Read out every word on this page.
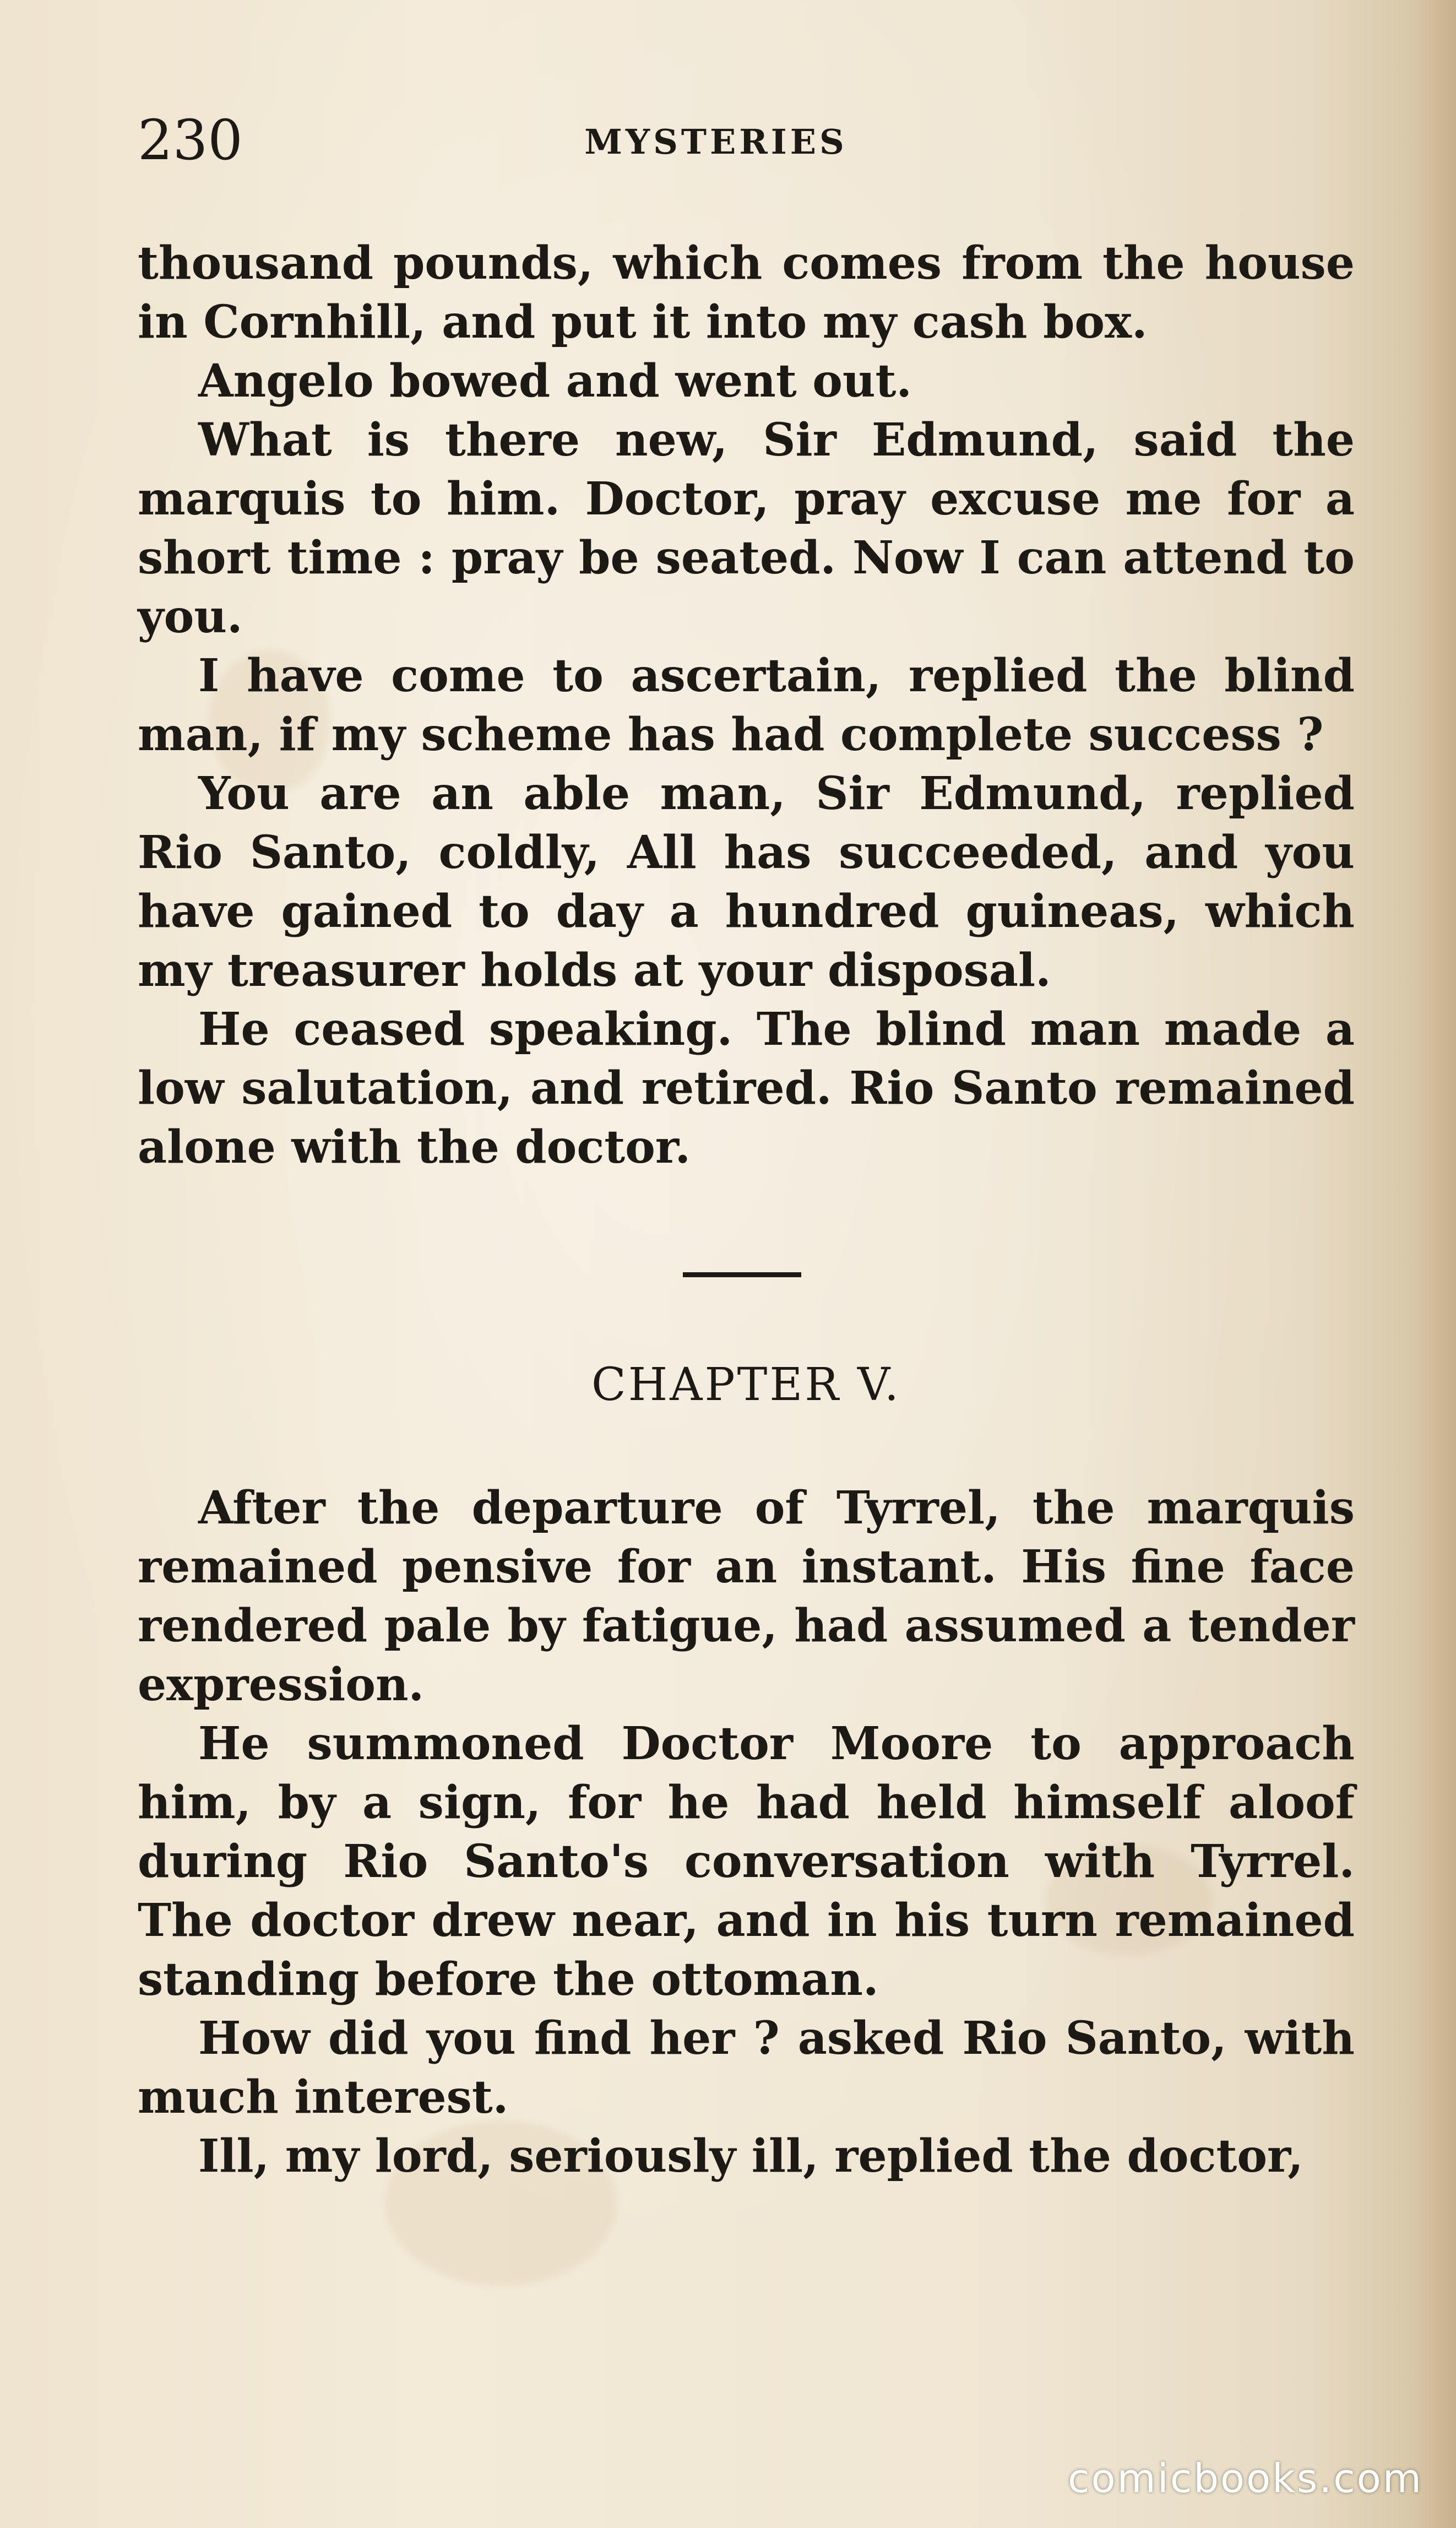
230	MYSTERIES

thousand pounds, which comes from the house in Cornhill, and put it into my cash box.

Angelo bowed and went out.

What is there new, Sir Edmund, said the marquis to him. Doctor, pray excuse me for a short time : pray be seated. Now I can attend to you.

I have come to ascertain, replied the blind man, if my scheme has had complete success ?

You are an able man, Sir Edmund, replied Rio Santo, coldly, All has succeeded, and you have gained to day a hundred guineas, which my treasurer holds at your disposal.

He ceased speaking. The blind man made a low salutation, and retired. Rio Santo remained alone with the doctor.

CHAPTER V.

After the departure of Tyrrel, the marquis remained pensive for an instant. His fine face rendered pale by fatigue, had assumed a tender expression.

He summoned Doctor Moore to approach him, by a sign, for he had held himself aloof during Rio Santo's conversation with Tyrrel. The doctor drew near, and in his turn remained standing before the ottoman.

How did you find her ? asked Rio Santo, with much interest.

Ill, my lord, seriously ill, replied the doctor,

comicbooks.com
